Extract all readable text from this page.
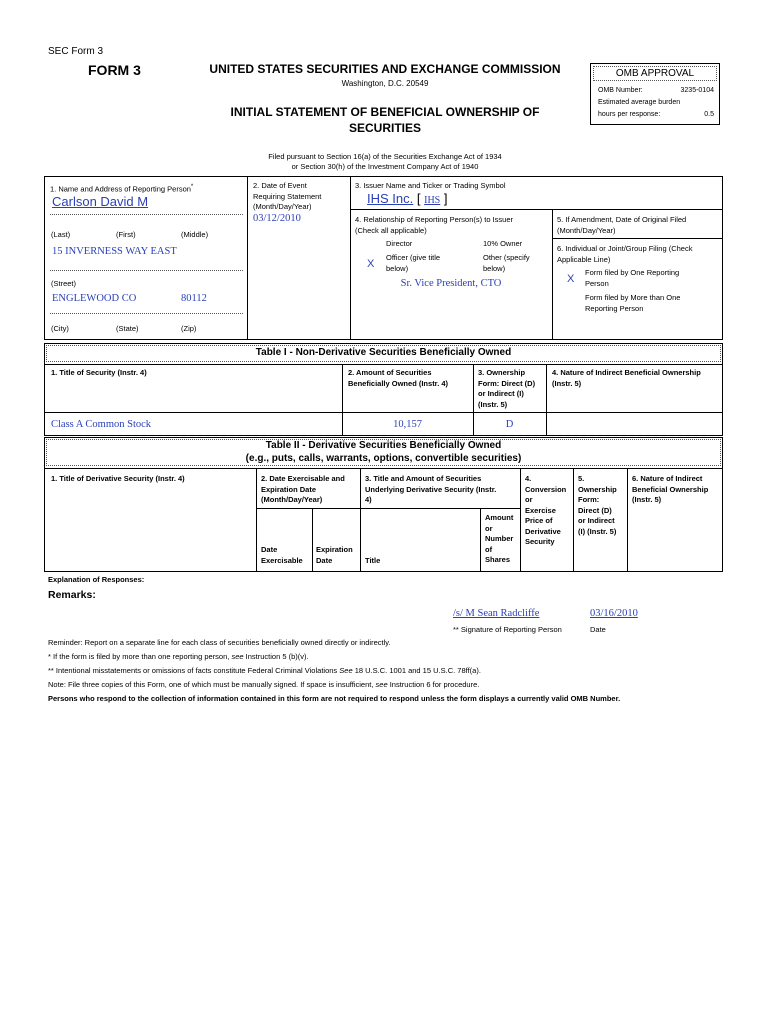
SEC Form 3
FORM 3	UNITED STATES SECURITIES AND EXCHANGE COMMISSION
Washington, D.C. 20549
INITIAL STATEMENT OF BENEFICIAL OWNERSHIP OF
SECURITIES
Filed pursuant to Section 16(a) of the Securities Exchange Act of 1934
or Section 30(h) of the Investment Company Act of 1940
OMB APPROVAL
OMB Number:	3235-0104
Estimated average burden
hours per response:	0.5
1. Name and Address of Reporting Person*
Carlson David M
(Last)	(First)	(Middle)
15 INVERNESS WAY EAST
(Street)
ENGLEWOOD CO	80112
(City)	(State)	(Zip)
2. Date of Event
Requiring Statement
(Month/Day/Year)
03/12/2010
3. Issuer Name and Ticker or Trading Symbol
IHS Inc. [ IHS ]
4. Relationship of Reporting Person(s) to Issuer
(Check all applicable)
Director	10% Owner
X
Officer (give title
below)
Other (specify
below)
Sr. Vice President, CTO
5. If Amendment, Date of Original Filed
(Month/Day/Year)
6. Individual or Joint/Group Filing (Check
Applicable Line)
X
Form filed by One Reporting
Person
Form filed by More than One
Reporting Person
Table I - Non-Derivative Securities Beneficially Owned
1. Title of Security (Instr. 4)	2. Amount of Securities
Beneficially Owned (Instr. 4)
3. Ownership
Form: Direct (D)
or Indirect (I)
(Instr. 5)
4. Nature of Indirect Beneficial Ownership
(Instr. 5)
Class A Common Stock	10,157	D
Table II - Derivative Securities Beneficially Owned
(e.g., puts, calls, warrants, options, convertible securities)
1. Title of Derivative Security (Instr. 4)	2. Date Exercisable and
Expiration Date
(Month/Day/Year)
3. Title and Amount of Securities
Underlying Derivative Security (Instr.
4)
4.
Conversion
or
Exercise
Price of
Derivative
Security
5.
Ownership
Form:
Direct (D)
or Indirect
(I) (Instr. 5)
6. Nature of Indirect
Beneficial Ownership
(Instr. 5)
Date
Exercisable
Expiration
Date	Title
Amount
or
Number
of
Shares
Explanation of Responses:
Remarks:
/s/ M Sean Radcliffe	03/16/2010
** Signature of Reporting Person	Date
Reminder: Report on a separate line for each class of securities beneficially owned directly or indirectly.
* If the form is filed by more than one reporting person, see Instruction 5 (b)(v).
** Intentional misstatements or omissions of facts constitute Federal Criminal Violations See 18 U.S.C. 1001 and 15 U.S.C. 78ff(a).
Note: File three copies of this Form, one of which must be manually signed. If space is insufficient, see Instruction 6 for procedure.
Persons who respond to the collection of information contained in this form are not required to respond unless the form displays a currently valid OMB Number.
